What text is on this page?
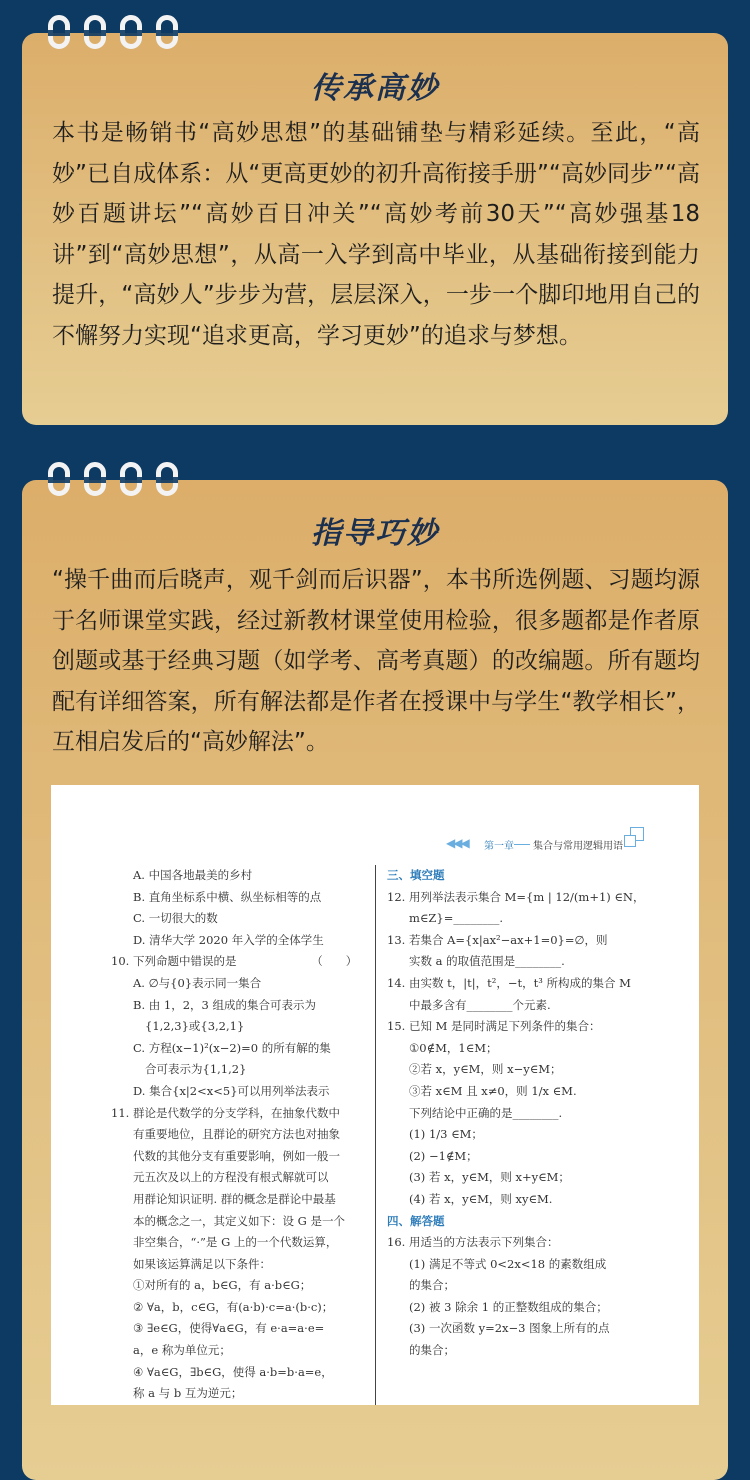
传承高妙
本书是畅销书“高妙思想”的基础铺垫与精彩延续。至此，“高妙”已自成体系：从“更高更妙的初升高衔接手册”“高妙同步”“高妙百题讲坛”“高妙百日冲关”“高妙考前30天”“高妙强基18讲”到“高妙思想”，从高一入学到高中毕业，从基础衔接到能力提升，“高妙人”步步为营，层层深入，一步一个脚印地用自己的不懈努力实现“追求更高，学习更妙”的追求与梦想。
指导巧妙
“操千曲而后晓声，观千剑而后识器”，本书所选例题、习题均源于名师课堂实践，经过新教材课堂使用检验，很多题都是作者原创题或基于经典习题（如学考、高考真题）的改编题。所有题均配有详细答案，所有解法都是作者在授课中与学生“教学相长”，互相启发后的“高妙解法”。
◀◀◀ 第一章	集合与常用逻辑用语
A. 中国各地最美的乡村
B. 直角坐标系中横、纵坐标相等的点
C. 一切很大的数
D. 清华大学 2020 年入学的全体学生
10. 下列命题中错误的是　　　　　　　（　　）
A. ∅与{0}表示同一集合
B. 由 1，2，3 组成的集合可表示为
{1,2,3}或{3,2,1}
C. 方程(x−1)²(x−2)=0 的所有解的集
合可表示为{1,1,2}
D. 集合{x|2<x<5}可以用列举法表示
11. 群论是代数学的分支学科，在抽象代数中
有重要地位，且群论的研究方法也对抽象
代数的其他分支有重要影响，例如一般一
元五次及以上的方程没有根式解就可以
用群论知识证明. 群的概念是群论中最基
本的概念之一，其定义如下：设 G 是一个
非空集合，“·”是 G 上的一个代数运算，
如果该运算满足以下条件：
①对所有的 a，b∈G，有 a·b∈G；
② ∀a，b，c∈G，有(a·b)·c=a·(b·c)；
③ ∃e∈G，使得∀a∈G，有 e·a=a·e=
a，e 称为单位元；
④ ∀a∈G，∃b∈G，使得 a·b=b·a=e，
称 a 与 b 互为逆元；
三、填空题
12. 用列举法表示集合 M={m | 12/(m+1) ∈N，
m∈Z}=________.
13. 若集合 A={x|ax²−ax+1=0}=∅，则
实数 a 的取值范围是________.
14. 由实数 t，|t|，t²，−t，t³ 所构成的集合 M
中最多含有________个元素.
15. 已知 M 是同时满足下列条件的集合：
①0∉M，1∈M；
②若 x，y∈M，则 x−y∈M；
③若 x∈M 且 x≠0，则 1/x ∈M.
下列结论中正确的是________.
(1) 1/3 ∈M；
(2) −1∉M；
(3) 若 x，y∈M，则 x+y∈M；
(4) 若 x，y∈M，则 xy∈M.
四、解答题
16. 用适当的方法表示下列集合：
(1) 满足不等式 0<2x<18 的素数组成
的集合；
(2) 被 3 除余 1 的正整数组成的集合；
(3) 一次函数 y=2x−3 图象上所有的点
的集合；
